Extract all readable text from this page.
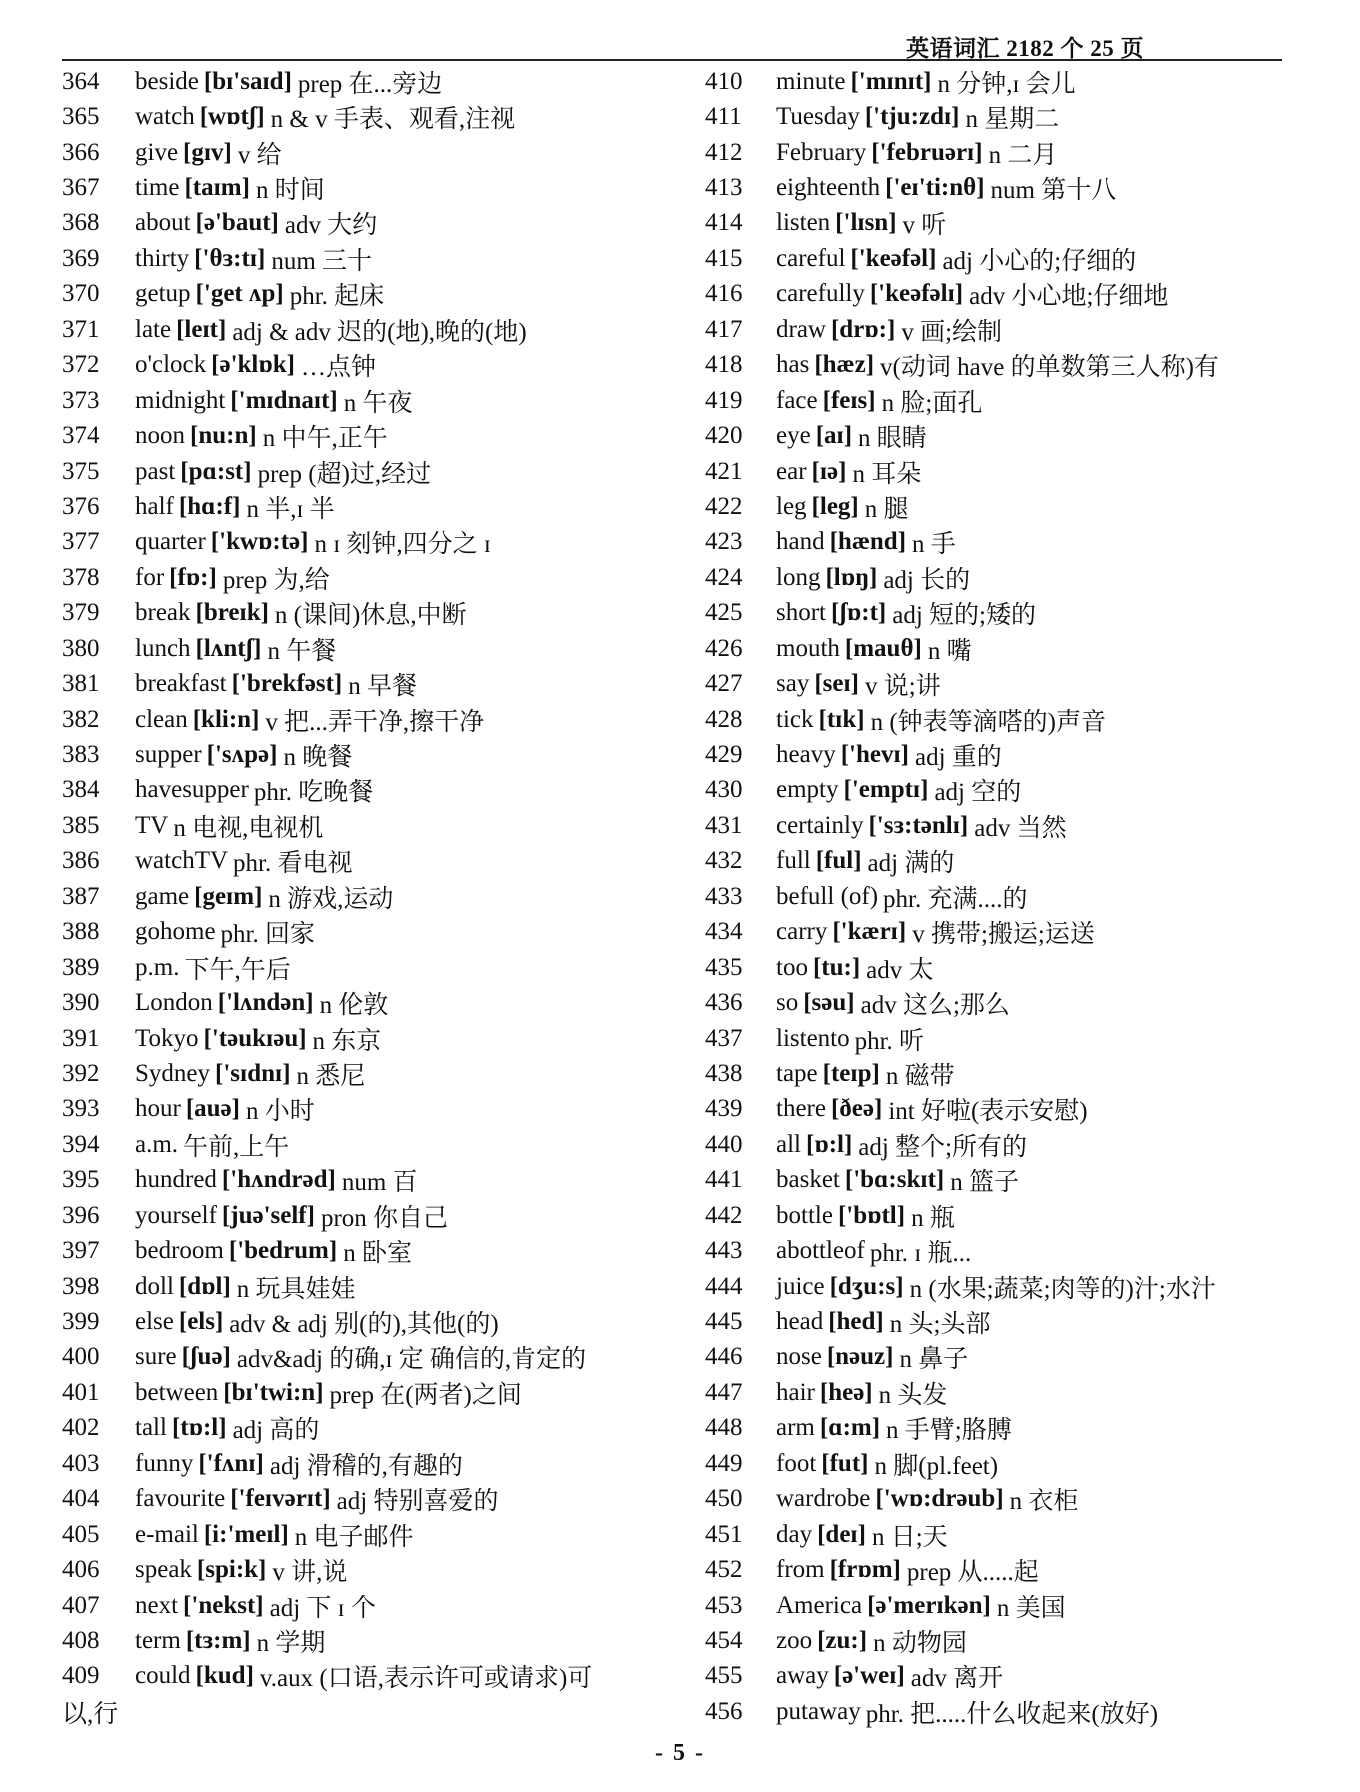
英语词汇 2182 个 25 页
364	beside [bɪ'saɪd] prep 在...旁边
365	watch [wɒtʃ] n & v 手表、观看,注视
366	give [gɪv] v 给
367	time [taɪm] n 时间
368	about [ə'baut] adv 大约
369	thirty ['θɜ:tɪ] num 三十
370	getup ['get ʌp] phr. 起床
371	late [leɪt] adj & adv 迟的(地),晚的(地)
372	o'clock [ə'klɒk] …点钟
373	midnight ['mɪdnaɪt] n 午夜
374	noon [nu:n] n 中午,正午
375	past [pɑ:st] prep (超)过,经过
376	half [hɑ:f] n 半,ɪ 半
377	quarter ['kwɒ:tə] n ɪ 刻钟,四分之 ɪ
378	for [fɒ:] prep 为,给
379	break [breɪk] n (课间)休息,中断
380	lunch [lʌntʃ] n 午餐
381	breakfast ['brekfəst] n 早餐
382	clean [kli:n] v 把...弄干净,擦干净
383	supper ['sʌpə] n 晚餐
384	havesupper phr. 吃晚餐
385	TV n 电视,电视机
386	watchTV phr. 看电视
387	game [geɪm] n 游戏,运动
388	gohome phr. 回家
389	p.m. 下午,午后
390	London ['lʌndən] n 伦敦
391	Tokyo ['təukɪəu] n 东京
392	Sydney ['sɪdnɪ] n 悉尼
393	hour [auə] n 小时
394	a.m. 午前,上午
395	hundred ['hʌndrəd] num 百
396	yourself [juə'self] pron 你自己
397	bedroom ['bedrum] n 卧室
398	doll [dɒl] n 玩具娃娃
399	else [els] adv & adj 别(的),其他(的)
400	sure [ʃuə] adv&adj 的确,ɪ 定 确信的,肯定的
401	between [bɪ'twi:n] prep 在(两者)之间
402	tall [tɒ:l] adj 高的
403	funny ['fʌnɪ] adj 滑稽的,有趣的
404	favourite ['feɪvərɪt] adj 特别喜爱的
405	e-mail [i:'meɪl] n 电子邮件
406	speak [spi:k] v 讲,说
407	next ['nekst] adj 下 ɪ 个
408	term [tɜ:m] n 学期
409	could [kud] v.aux (口语,表示许可或请求)可
以,行
410	minute ['mɪnɪt] n 分钟,ɪ 会儿
411	Tuesday ['tju:zdɪ] n 星期二
412	February ['februərɪ] n 二月
413	eighteenth ['eɪ'ti:nθ] num 第十八
414	listen ['lɪsn] v 听
415	careful ['keəfəl] adj 小心的;仔细的
416	carefully ['keəfəlɪ] adv 小心地;仔细地
417	draw [drɒ:] v 画;绘制
418	has [hæz] v(动词 have 的单数第三人称)有
419	face [feɪs] n 脸;面孔
420	eye [aɪ] n 眼睛
421	ear [ɪə] n 耳朵
422	leg [leg] n 腿
423	hand [hænd] n 手
424	long [lɒŋ] adj 长的
425	short [ʃɒ:t] adj 短的;矮的
426	mouth [mauθ] n 嘴
427	say [seɪ] v 说;讲
428	tick [tɪk] n (钟表等滴嗒的)声音
429	heavy ['hevɪ] adj 重的
430	empty ['emptɪ] adj 空的
431	certainly ['sɜ:tənlɪ] adv 当然
432	full [ful] adj 满的
433	befull (of) phr. 充满....的
434	carry ['kærɪ] v 携带;搬运;运送
435	too [tu:] adv 太
436	so [səu] adv 这么;那么
437	listento phr. 听
438	tape [teɪp] n 磁带
439	there [ðeə] int 好啦(表示安慰)
440	all [ɒ:l] adj 整个;所有的
441	basket ['bɑ:skɪt] n 篮子
442	bottle ['bɒtl] n 瓶
443	abottleof phr. ɪ 瓶...
444	juice [dʒu:s] n (水果;蔬菜;肉等的)汁;水汁
445	head [hed] n 头;头部
446	nose [nəuz] n 鼻子
447	hair [heə] n 头发
448	arm [ɑ:m] n 手臂;胳膊
449	foot [fut] n 脚(pl.feet)
450	wardrobe ['wɒ:drəub] n 衣柜
451	day [deɪ] n 日;天
452	from [frɒm] prep 从.....起
453	America [ə'merɪkən] n 美国
454	zoo [zu:] n 动物园
455	away [ə'weɪ] adv 离开
456	putaway phr. 把.....什么收起来(放好)
- 5 -
